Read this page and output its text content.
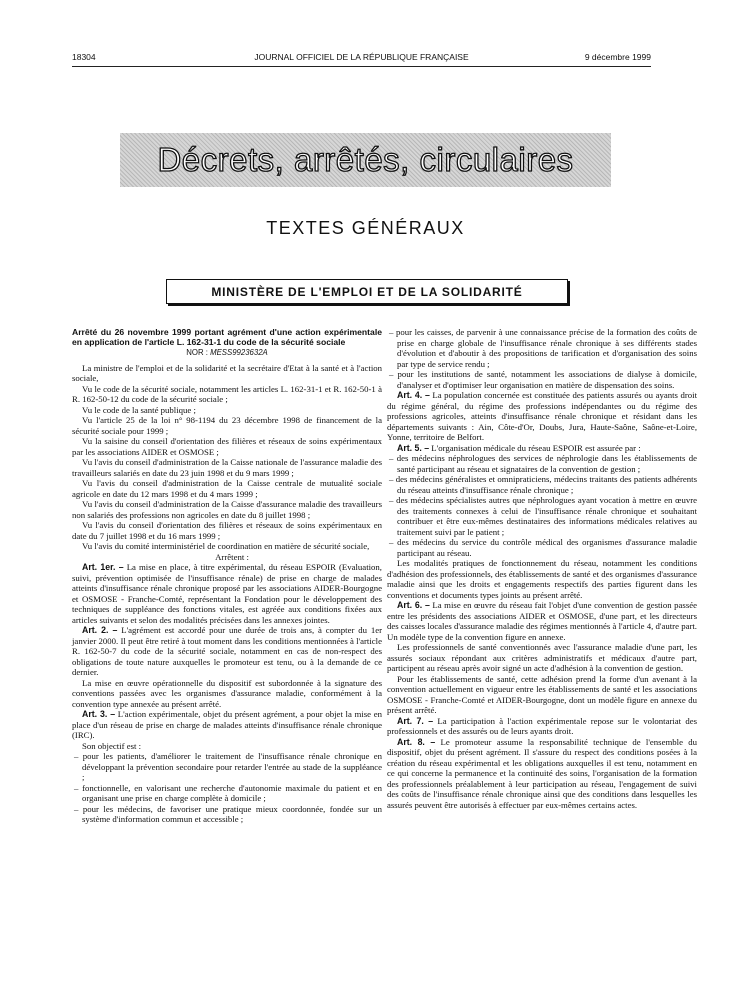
18304	JOURNAL OFFICIEL DE LA RÉPUBLIQUE FRANÇAISE	9 décembre 1999
Décrets, arrêtés, circulaires
TEXTES GÉNÉRAUX
MINISTÈRE DE L'EMPLOI ET DE LA SOLIDARITÉ

Arrêté du 26 novembre 1999 portant agrément d'une action expérimentale en application de l'article L. 162-31-1 du code de la sécurité sociale

NOR : MESS9923632A

La ministre de l'emploi et de la solidarité et la secrétaire d'Etat à la santé et à l'action sociale,

Vu le code de la sécurité sociale, notamment les articles L. 162-31-1 et R. 162-50-1 à R. 162-50-12 du code de la sécurité sociale ;

Vu le code de la santé publique ;

Vu l'article 25 de la loi n° 98-1194 du 23 décembre 1998 de financement de la sécurité sociale pour 1999 ;

Vu la saisine du conseil d'orientation des filières et réseaux de soins expérimentaux par les associations AIDER et OSMOSE ;

Vu l'avis du conseil d'administration de la Caisse nationale de l'assurance maladie des travailleurs salariés en date du 23 juin 1998 et du 9 mars 1999 ;

Vu l'avis du conseil d'administration de la Caisse centrale de mutualité sociale agricole en date du 12 mars 1998 et du 4 mars 1999 ;

Vu l'avis du conseil d'administration de la Caisse d'assurance maladie des travailleurs non salariés des professions non agricoles en date du 8 juillet 1998 ;

Vu l'avis du conseil d'orientation des filières et réseaux de soins expérimentaux en date du 7 juillet 1998 et du 16 mars 1999 ;

Vu l'avis du comité interministériel de coordination en matière de sécurité sociale,

Arrêtent :

Art. 1er. – La mise en place, à titre expérimental, du réseau ESPOIR (Evaluation, suivi, prévention optimisée de l'insuffisance rénale) de prise en charge de malades atteints d'insuffisance rénale chronique proposé par les associations AIDER-Bourgogne et OSMOSE - Franche-Comté, représentant la Fondation pour le développement des techniques de suppléance des fonctions vitales, est agréée aux conditions fixées aux articles suivants et selon des modalités précisées dans les annexes jointes.

Art. 2. – L'agrément est accordé pour une durée de trois ans, à compter du 1er janvier 2000. Il peut être retiré à tout moment dans les conditions mentionnées à l'article R. 162-50-7 du code de la sécurité sociale, notamment en cas de non-respect des obligations de toute nature auxquelles le promoteur est tenu, ou à la demande de ce dernier.

La mise en œuvre opérationnelle du dispositif est subordonnée à la signature des conventions passées avec les organismes d'assurance maladie, conformément à la convention type annexée au présent arrêté.

Art. 3. – L'action expérimentale, objet du présent agrément, a pour objet la mise en place d'un réseau de prise en charge de malades atteints d'insuffisance rénale chronique (IRC).

Son objectif est :

– pour les patients, d'améliorer le traitement de l'insuffisance rénale chronique en développant la prévention secondaire pour retarder l'entrée au stade de la suppléance ;

– fonctionnelle, en valorisant une recherche d'autonomie maximale du patient et en organisant une prise en charge complète à domicile ;

– pour les médecins, de favoriser une pratique mieux coordonnée, fondée sur un système d'information commun et accessible ;

– pour les caisses, de parvenir à une connaissance précise de la formation des coûts de prise en charge globale de l'insuffisance rénale chronique à ses différents stades d'évolution et d'aboutir à des propositions de tarification et d'organisation des soins par type de service rendu ;

– pour les institutions de santé, notamment les associations de dialyse à domicile, d'analyser et d'optimiser leur organisation en matière de dispensation des soins.

Art. 4. – La population concernée est constituée des patients assurés ou ayants droit du régime général, du régime des professions indépendantes ou du régime des professions agricoles, atteints d'insuffisance rénale chronique et résidant dans les départements suivants : Ain, Côte-d'Or, Doubs, Jura, Haute-Saône, Saône-et-Loire, Yonne, territoire de Belfort.

Art. 5. – L'organisation médicale du réseau ESPOIR est assurée par :

– des médecins néphrologues des services de néphrologie dans les établissements de santé participant au réseau et signataires de la convention de gestion ;

– des médecins généralistes et omnipraticiens, médecins traitants des patients adhérents du réseau atteints d'insuffisance rénale chronique ;

– des médecins spécialistes autres que néphrologues ayant vocation à mettre en œuvre des traitements connexes à celui de l'insuffisance rénale chronique et souhaitant contribuer et être eux-mêmes destinataires des informations médicales relatives au traitement suivi par le patient ;

– des médecins du service du contrôle médical des organismes d'assurance maladie participant au réseau.

Les modalités pratiques de fonctionnement du réseau, notamment les conditions d'adhésion des professionnels, des établissements de santé et des organismes d'assurance maladie ainsi que les droits et engagements respectifs des parties figurent dans les conventions et documents types joints au présent arrêté.

Art. 6. – La mise en œuvre du réseau fait l'objet d'une convention de gestion passée entre les présidents des associations AIDER et OSMOSE, d'une part, et les directeurs des caisses locales d'assurance maladie des régimes mentionnés à l'article 4, d'autre part. Un modèle type de la convention figure en annexe.

Les professionnels de santé conventionnés avec l'assurance maladie d'une part, les assurés sociaux répondant aux critères administratifs et médicaux d'autre part, participent au réseau après avoir signé un acte d'adhésion à la convention de gestion.

Pour les établissements de santé, cette adhésion prend la forme d'un avenant à la convention actuellement en vigueur entre les établissements de santé et les associations OSMOSE - Franche-Comté et AIDER-Bourgogne, dont un modèle figure en annexe du présent arrêté.

Art. 7. – La participation à l'action expérimentale repose sur le volontariat des professionnels et des assurés ou de leurs ayants droit.

Art. 8. – Le promoteur assume la responsabilité technique de l'ensemble du dispositif, objet du présent agrément. Il s'assure du respect des conditions posées à la création du réseau expérimental et les obligations auxquelles il est tenu, notamment en ce qui concerne la permanence et la continuité des soins, l'organisation de la formation des professionnels préalablement à leur participation au réseau, l'engagement de suivi des coûts de l'insuffisance rénale chronique ainsi que des conditions dans lesquelles les assurés peuvent être autorisés à effectuer par eux-mêmes certains actes.
